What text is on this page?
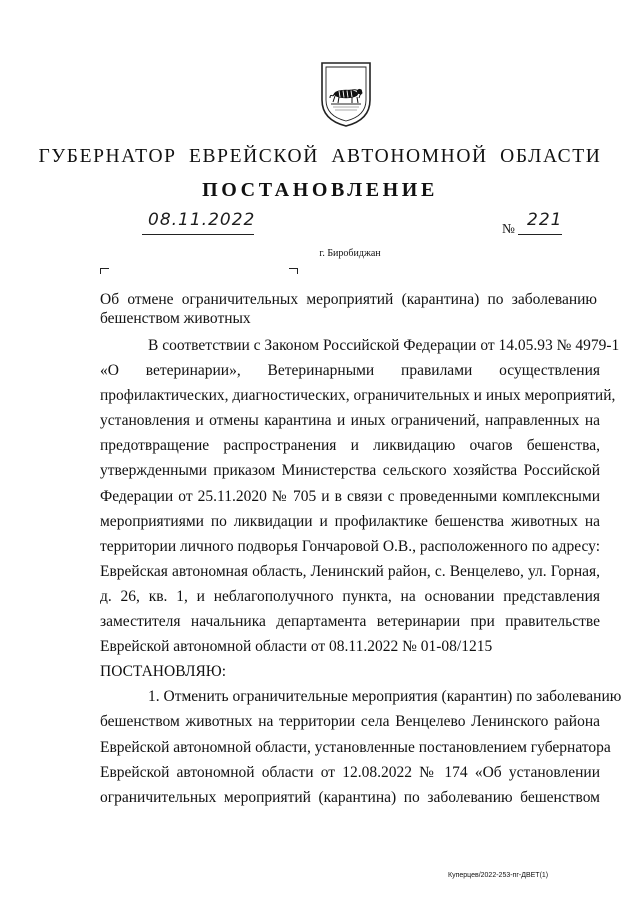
ГУБЕРНАТОР ЕВРЕЙСКОЙ АВТОНОМНОЙ ОБЛАСТИ
ПОСТАНОВЛЕНИЕ
08.11.2022	№ 221
г. Биробиджан
Об отмене ограничительных мероприятий (карантина) по заболеванию
бешенством животных
В соответствии с Законом Российской Федерации от 14.05.93 № 4979-1
«О ветеринарии», Ветеринарными правилами осуществления
профилактических, диагностических, ограничительных и иных мероприятий,
установления и отмены карантина и иных ограничений, направленных на
предотвращение распространения и ликвидацию очагов бешенства,
утвержденными приказом Министерства сельского хозяйства Российской
Федерации от 25.11.2020 № 705 и в связи с проведенными комплексными
мероприятиями по ликвидации и профилактике бешенства животных на
территории личного подворья Гончаровой О.В., расположенного по адресу:
Еврейская автономная область, Ленинский район, с. Венцелево, ул. Горная,
д. 26, кв. 1, и неблагополучного пункта, на основании представления
заместителя начальника департамента ветеринарии при правительстве
Еврейской автономной области от 08.11.2022 № 01-08/1215
ПОСТАНОВЛЯЮ:
1. Отменить ограничительные мероприятия (карантин) по заболеванию
бешенством животных на территории села Венцелево Ленинского района
Еврейской автономной области, установленные постановлением губернатора
Еврейской автономной области от 12.08.2022 № 174 «Об установлении
ограничительных мероприятий (карантина) по заболеванию бешенством
Куперцев/2022-253-пг-ДВЕТ(1)
